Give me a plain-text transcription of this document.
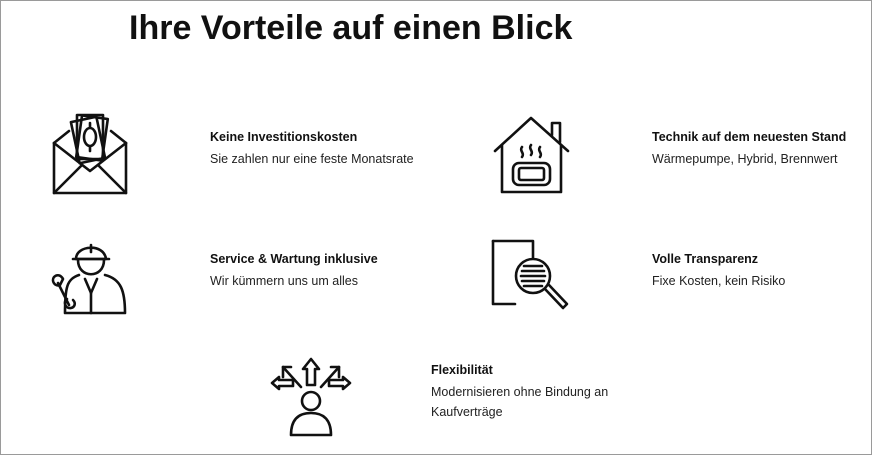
Ihre Vorteile auf einen Blick

Keine Investitionskosten

Sie zahlen nur eine feste Monatsrate

Technik auf dem neuesten Stand

Wärmepumpe, Hybrid, Brennwert

Service & Wartung inklusive

Wir kümmern uns um alles

Volle Transparenz

Fixe Kosten, kein Risiko

Flexibilität

Modernisieren ohne Bindung an Kaufverträge
